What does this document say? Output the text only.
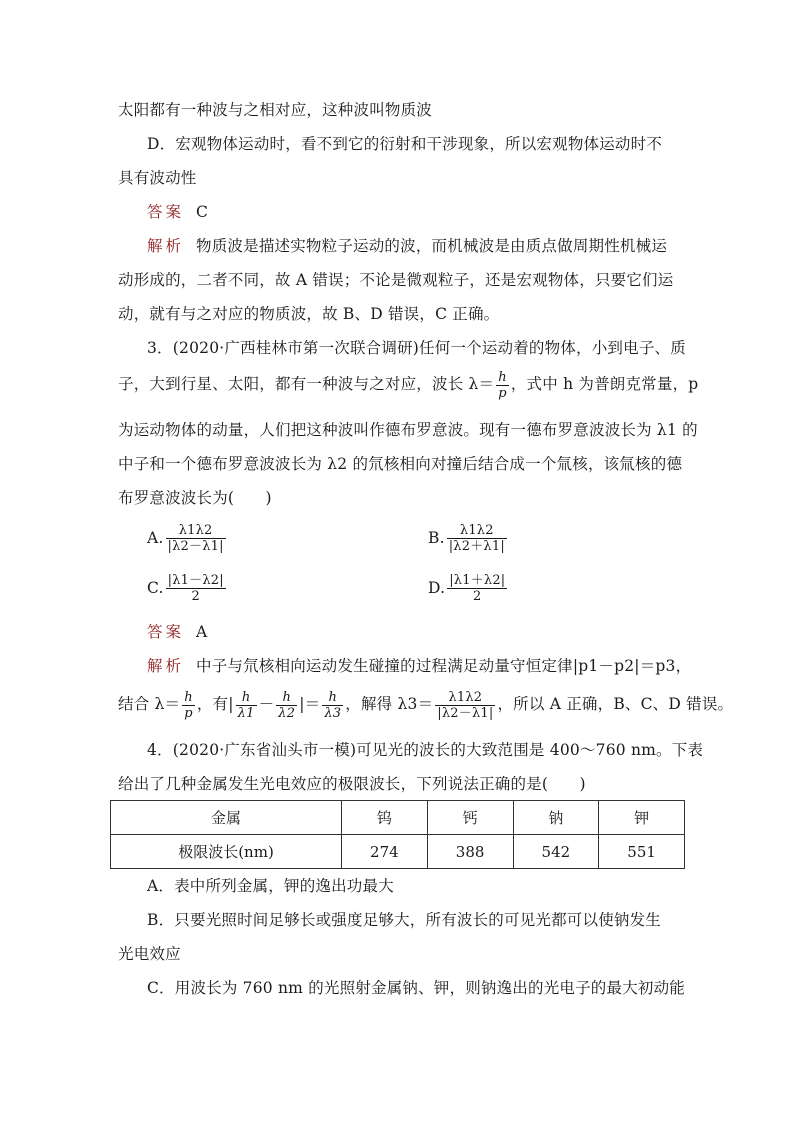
太阳都有一种波与之相对应，这种波叫物质波
D．宏观物体运动时，看不到它的衍射和干涉现象，所以宏观物体运动时不
具有波动性
答案 C
解析 物质波是描述实物粒子运动的波，而机械波是由质点做周期性机械运
动形成的，二者不同，故 A 错误；不论是微观粒子，还是宏观物体，只要它们运
动，就有与之对应的物质波，故 B、D 错误，C 正确。
3．(2020·广西桂林市第一次联合调研)任何一个运动着的物体，小到电子、质
子，大到行星、太阳，都有一种波与之对应，波长 $\lambda= \frac{h}{p}$ ，式中 h 为普朗克常量，p
为运动物体的动量，人们把这种波叫作德布罗意波。现有一德布罗意波波长为 λ1 的
中子和一个德布罗意波波长为 λ2 的氘核相向对撞后结合成一个氚核，该氚核的德
布罗意波波长为(　　)
A. $\frac{\lambda 1\lambda 2}{|\lambda 2-\lambda 1|}$	B. $\frac{\lambda 1\lambda 2}{|\lambda 2+\lambda 1|}$
C. $\frac{|\lambda 1-\lambda 2|}{2}$	D. $\frac{|\lambda 1+\lambda 2|}{2}$
答案 A
解析 中子与氘核相向运动发生碰撞的过程满足动量守恒定律|p1－p2|＝p3，
结合 $\lambda= \frac{h}{p}$ ，有| $\frac{h}{\lambda 1} - \frac{h}{\lambda 2}$ |＝ $\frac{h}{\lambda 3}$ ，解得 $\lambda 3= \frac{\lambda 1\lambda 2}{|\lambda 2-\lambda 1|}$ ，所以 A 正确，B、C、D 错误。
4．(2020·广东省汕头市一模)可见光的波长的大致范围是 400～760 nm。下表
给出了几种金属发生光电效应的极限波长，下列说法正确的是(　　)
金属	钨	钙	钠	钾
极限波长(nm)	274	388	542	551
A．表中所列金属，钾的逸出功最大
B．只要光照时间足够长或强度足够大，所有波长的可见光都可以使钠发生
光电效应
C．用波长为 760 nm 的光照射金属钠、钾，则钠逸出的光电子的最大初动能
